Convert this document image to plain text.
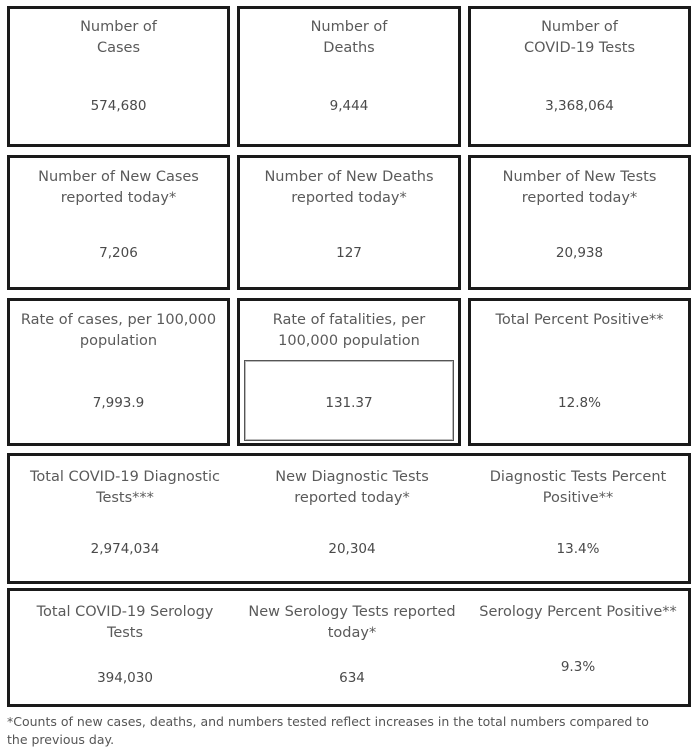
Number of
Cases
574,680
Number of
Deaths
9,444
Number of
COVID-19 Tests
3,368,064
Number of New Cases reported today*
7,206
Number of New Deaths reported today*
127
Number of New Tests reported today*
20,938
Rate of cases, per 100,000 population
7,993.9
Rate of fatalities, per 100,000 population
131.37
Total Percent Positive**
12.8%
Total COVID-19 Diagnostic Tests***
2,974,034
New Diagnostic Tests reported today*
20,304
Diagnostic Tests Percent Positive**
13.4%
Total COVID-19 Serology Tests
394,030
New Serology Tests reported today*
634
Serology Percent Positive**
9.3%
*Counts of new cases, deaths, and numbers tested reflect increases in the total numbers compared to the previous day.
